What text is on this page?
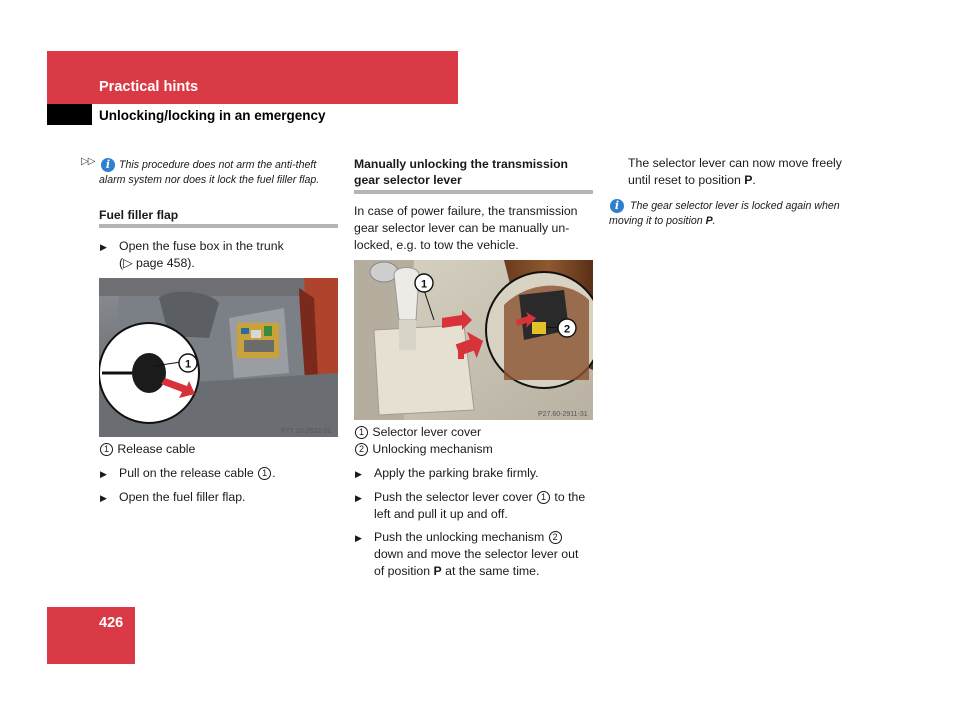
Practical hints
Unlocking/locking in an emergency
▷▷	i This procedure does not arm the anti-theft alarm system nor does it lock the fuel filler flap.
Fuel filler flap
▶ Open the fuse box in the trunk
(▷ page 458).
1
P77.20-2622-31
1 Release cable
▶ Pull on the release cable 1 .
▶ Open the fuel filler flap.
Manually unlocking the transmission
gear selector lever
In case of power failure, the transmission
gear selector lever can be manually un-
locked, e.g. to tow the vehicle.
2
1
P27.60-2911-31
1 Selector lever cover
2 Unlocking mechanism
▶ Apply the parking brake firmly.
▶ Push the selector lever cover 1 to the
left and pull it up and off.
▶ Push the unlocking mechanism 2
down and move the selector lever out
of position P at the same time.
The selector lever can now move freely
until reset to position P.
i	The gear selector lever is locked again when
moving it to position P.
426
